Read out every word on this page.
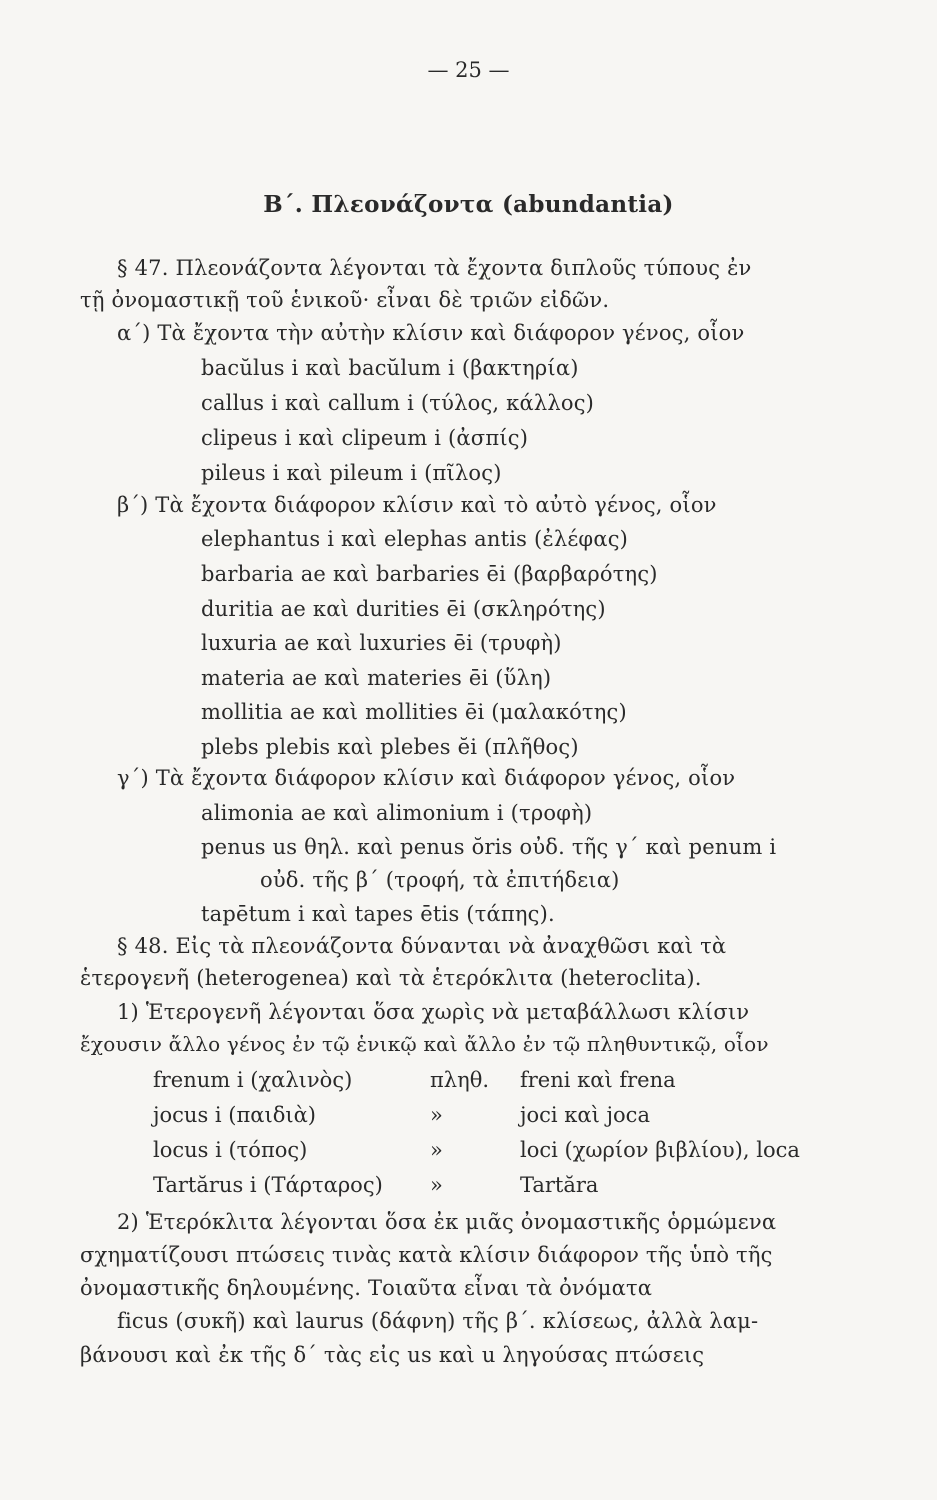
— 25 —
Β΄. Πλεονάζοντα (abundantia)
§ 47. Πλεονάζοντα λέγονται τὰ ἔχοντα διπλοῦς τύπους ἐν
τῇ ὀνομαστικῇ τοῦ ἑνικοῦ· εἶναι δὲ τριῶν εἰδῶν.
α΄) Τὰ ἔχοντα τὴν αὐτὴν κλίσιν καὶ διάφορον γένος, οἷον
bacŭlus i καὶ bacŭlum i (βακτηρία)
callus i καὶ callum i (τύλος, κάλλος)
clipeus i καὶ clipeum i (ἀσπίς)
pileus i καὶ pileum i (πῖλος)
β΄) Τὰ ἔχοντα διάφορον κλίσιν καὶ τὸ αὐτὸ γένος, οἷον
elephantus i καὶ elephas antis (ἐλέφας)
barbaria ae καὶ barbaries ēi (βαρβαρότης)
duritia ae καὶ durities ēi (σκληρότης)
luxuria ae καὶ luxuries ēi (τρυφὴ)
materia ae καὶ materies ēi (ὕλη)
mollitia ae καὶ mollities ēi (μαλακότης)
plebs plebis καὶ plebes ĕi (πλῆθος)
γ΄) Τὰ ἔχοντα διάφορον κλίσιν καὶ διάφορον γένος, οἷον
alimonia ae καὶ alimonium i (τροφὴ)
penus us θηλ. καὶ penus ŏris οὐδ. τῆς γ΄ καὶ penum i
οὐδ. τῆς β΄ (τροφή, τὰ ἐπιτήδεια)
tapētum i καὶ tapes ētis (τάπης).
§ 48. Εἰς τὰ πλεονάζοντα δύνανται νὰ ἀναχθῶσι καὶ τὰ
ἑτερογενῆ (heterogenea) καὶ τὰ ἑτερόκλιτα (heteroclita).
1) Ἑτερογενῆ λέγονται ὅσα χωρὶς νὰ μεταβάλλωσι κλίσιν
ἔχουσιν ἄλλο γένος ἐν τῷ ἑνικῷ καὶ ἄλλο ἐν τῷ πληθυντικῷ, οἷον
frenum i (χαλινὸς)	πληθ. freni καὶ frena
jocus i (παιδιὰ)	»	joci καὶ joca
locus i (τόπος)	»	loci (χωρίον βιβλίου), loca
Tartărus i (Τάρταρος) »	Tartăra
2) Ἑτερόκλιτα λέγονται ὅσα ἐκ μιᾶς ὀνομαστικῆς ὁρμώμενα
σχηματίζουσι πτώσεις τινὰς κατὰ κλίσιν διάφορον τῆς ὑπὸ τῆς
ὀνομαστικῆς δηλουμένης. Τοιαῦτα εἶναι τὰ ὀνόματα
ficus (συκῆ) καὶ laurus (δάφνη) τῆς β΄. κλίσεως, ἀλλὰ λαμ-
βάνουσι καὶ ἐκ τῆς δ΄ τὰς εἰς us καὶ u ληγούσας πτώσεις
